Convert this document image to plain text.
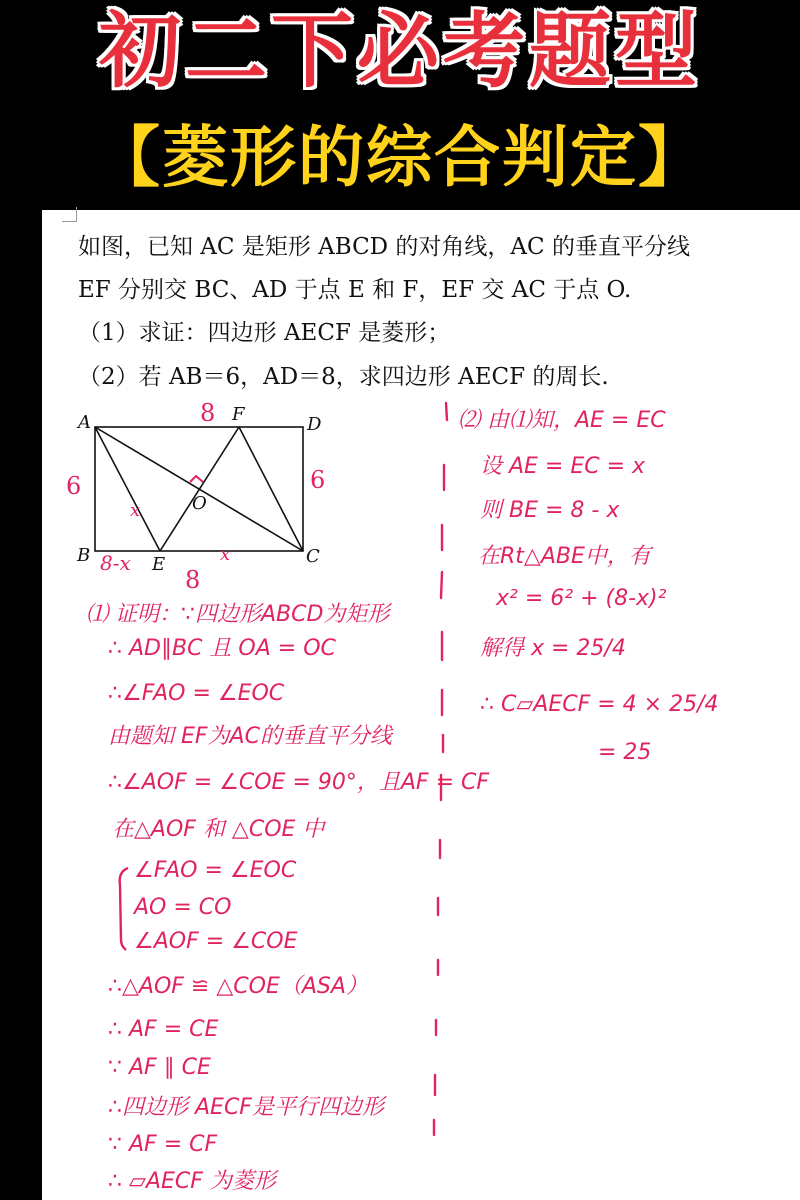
初二下必考题型
【菱形的综合判定】
如图，已知 AC 是矩形 ABCD 的对角线，AC 的垂直平分线
EF 分别交 BC、AD 于点 E 和 F，EF 交 AC 于点 O.
（1）求证：四边形 AECF 是菱形；
（2）若 AB＝6，AD＝8，求四边形 AECF 的周长.
A	D
B	C
E
F
O
8
6	6
8
8-x
x
x
⑴ 证明：∵四边形ABCD为矩形
∴ AD∥BC 且 OA = OC
∴∠FAO = ∠EOC
由题知 EF为AC的垂直平分线
∴∠AOF = ∠COE = 90°，且AF = CF
在△AOF 和 △COE 中
∠FAO = ∠EOC
AO = CO
∠AOF = ∠COE
∴△AOF ≌ △COE（ASA）
∴ AF = CE
∵ AF ∥ CE
∴四边形 AECF是平行四边形
∵ AF = CF
∴ ▱AECF 为菱形
⑵ 由⑴知，AE = EC
设 AE = EC = x
则 BE = 8 - x
在Rt△ABE中，有
x² = 6² + (8-x)²
解得 x = 25/4
∴ C▱AECF = 4 × 25/4
= 25
